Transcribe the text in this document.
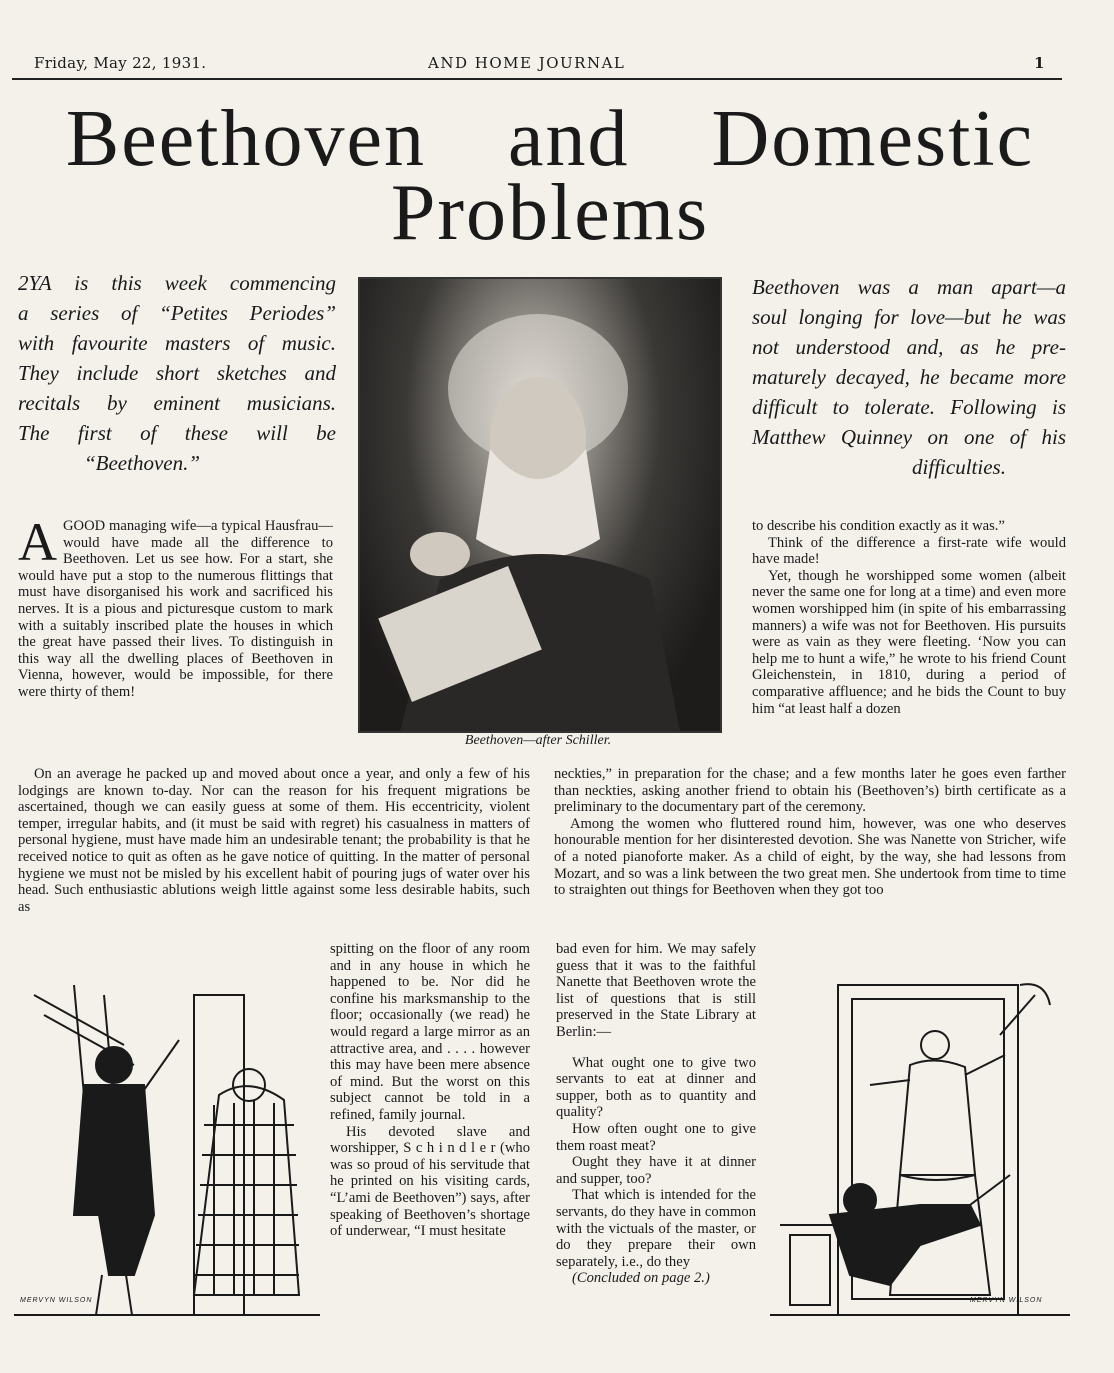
Friday, May 22, 1931.	AND HOME JOURNAL	1
Beethoven and Domestic
Problems
2YA is this week commencing
a series of “Petites Periodes”
with favourite masters of music.
They include short sketches and
recitals by eminent musicians.
The first of these will be
“Beethoven.”
Beethoven—after Schiller.
Beethoven was a man apart—a
soul longing for love—but he was
not understood and, as he pre-
maturely decayed, he became more
difficult to tolerate. Following is
Matthew Quinney on one of his
difficulties.

AGOOD managing wife—a typical Hausfrau—would have made all the difference to Beethoven. Let us see how. For a start, she would have put a stop to the numerous flittings that must have disorganised his work and sacrificed his nerves. It is a pious and picturesque custom to mark with a suitably inscribed plate the houses in which the great have passed their lives. To distinguish in this way all the dwelling places of Beethoven in Vienna, however, would be impossible, for there were thirty of them!

to describe his condition exactly as it was.”

Think of the difference a first-rate wife would have made!

Yet, though he worshipped some women (albeit never the same one for long at a time) and even more women worshipped him (in spite of his embarrassing manners) a wife was not for Beethoven. His pursuits were as vain as they were fleeting. ‘Now you can help me to hunt a wife,” he wrote to his friend Count Gleichenstein, in 1810, during a period of comparative affluence; and he bids the Count to buy him “at least half a dozen

On an average he packed up and moved about once a year, and only a few of his lodgings are known to-day. Nor can the reason for his frequent migrations be ascertained, though we can easily guess at some of them. His eccentricity, violent temper, irregular habits, and (it must be said with regret) his casualness in matters of personal hygiene, must have made him an undesirable tenant; the probability is that he received notice to quit as often as he gave notice of quitting. In the matter of personal hygiene we must not be misled by his excellent habit of pouring jugs of water over his head. Such enthusiastic ablutions weigh little against some less desirable habits, such as

neckties,” in preparation for the chase; and a few months later he goes even farther than neckties, asking another friend to obtain his (Beethoven’s) birth certificate as a preliminary to the documentary part of the ceremony.

Among the women who fluttered round him, however, was one who deserves honourable mention for her disinterested devotion. She was Nanette von Stricher, wife of a noted pianoforte maker. As a child of eight, by the way, she had lessons from Mozart, and so was a link between the two great men. She undertook from time to time to straighten out things for Beethoven when they got too

spitting on the floor of any room and in any house in which he happened to be. Nor did he confine his marksmanship to the floor; occasionally (we read) he would regard a large mirror as an attractive area, and . . . . however this may have been mere absence of mind. But the worst on this subject cannot be told in a refined, family journal.

His devoted slave and worshipper, S c h i n d l e r (who was so proud of his servitude that he printed on his visiting cards, “L’ami de Beethoven”) says, after speaking of Beethoven’s shortage of underwear, “I must hesitate

bad even for him. We may safely guess that it was to the faithful Nanette that Beethoven wrote the list of questions that is still preserved in the State Library at Berlin:—

What ought one to give two servants to eat at dinner and supper, both as to quantity and quality?

How often ought one to give them roast meat?

Ought they have it at dinner and supper, too?

That which is intended for the servants, do they have in common with the victuals of the master, or do they prepare their own separately, i.e., do they

(Concluded on page 2.)

MERVYN WILSON	MERVYN WILSON
